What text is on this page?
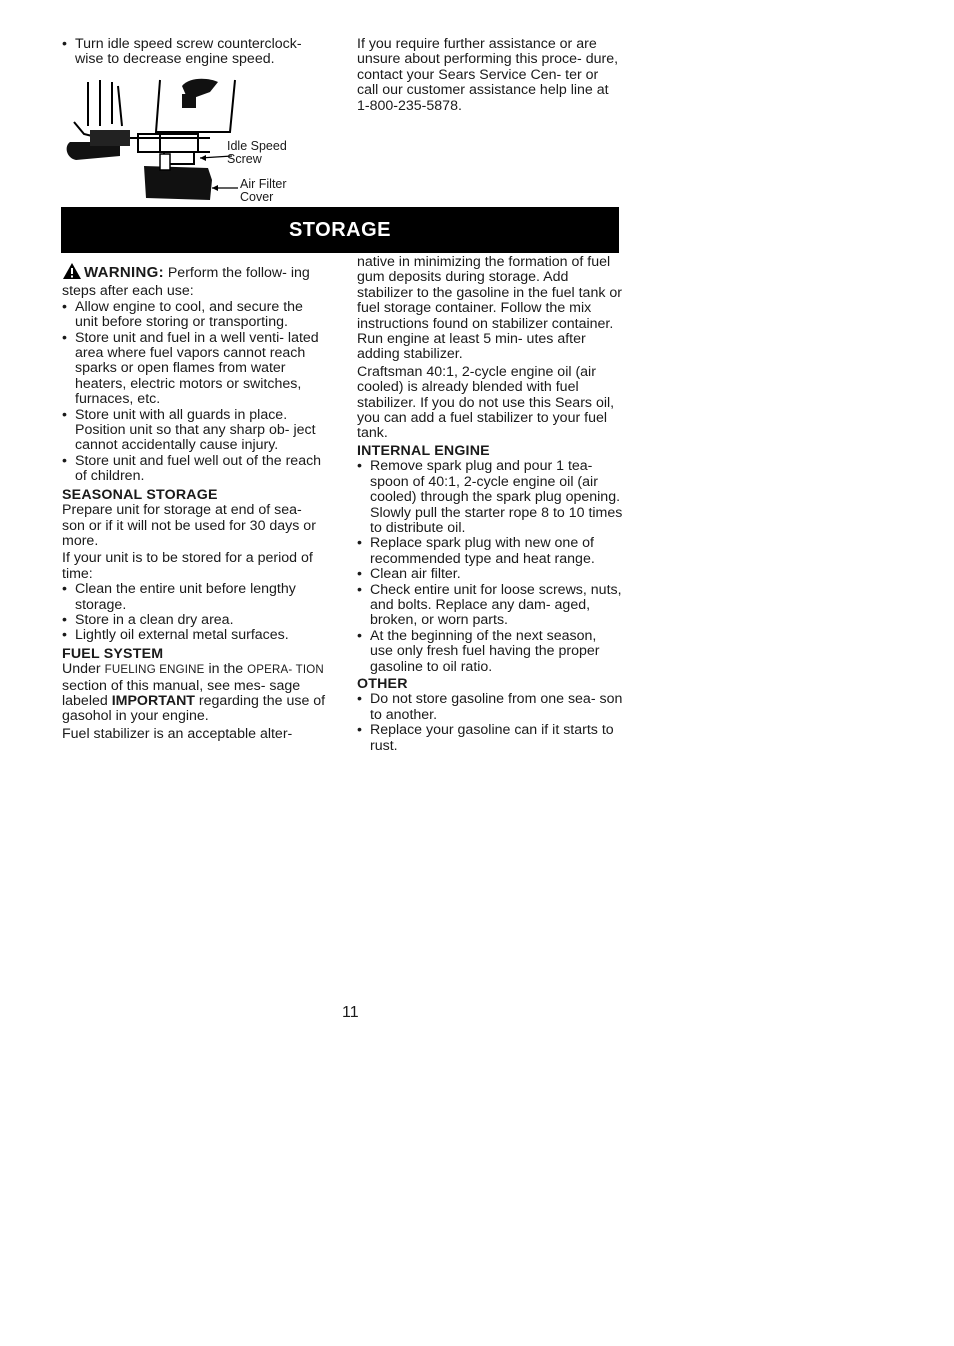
• Turn idle speed screw counterclock- wise to decrease engine speed.
Idle Speed Screw
Air Filter Cover

If you require further assistance or are unsure about performing this proce- dure, contact your Sears Service Cen- ter or call our customer assistance help line at 1-800-235-5878.

STORAGE

WARNING: Perform the follow- ing steps after each use:

• Allow engine to cool, and secure the unit before storing or transporting.
• Store unit and fuel in a well venti- lated area where fuel vapors cannot reach sparks or open flames from water heaters, electric motors or switches, furnaces, etc.
• Store unit with all guards in place. Position unit so that any sharp ob- ject cannot accidentally cause injury.
• Store unit and fuel well out of the reach of children.

SEASONAL STORAGE

Prepare unit for storage at end of sea- son or if it will not be used for 30 days or more.

If your unit is to be stored for a period of time:

• Clean the entire unit before lengthy storage.
• Store in a clean dry area.
• Lightly oil external metal surfaces.

FUEL SYSTEM

Under FUELING ENGINE in the OPERA- TION section of this manual, see mes- sage labeled IMPORTANT regarding the use of gasohol in your engine.

Fuel stabilizer is an acceptable alter-

native in minimizing the formation of fuel gum deposits during storage. Add stabilizer to the gasoline in the fuel tank or fuel storage container. Follow the mix instructions found on stabilizer container. Run engine at least 5 min- utes after adding stabilizer.

Craftsman 40:1, 2-cycle engine oil (air cooled) is already blended with fuel stabilizer. If you do not use this Sears oil, you can add a fuel stabilizer to your fuel tank.

INTERNAL ENGINE

• Remove spark plug and pour 1 tea- spoon of 40:1, 2-cycle engine oil (air cooled) through the spark plug opening. Slowly pull the starter rope 8 to 10 times to distribute oil.
• Replace spark plug with new one of recommended type and heat range.
• Clean air filter.
• Check entire unit for loose screws, nuts, and bolts. Replace any dam- aged, broken, or worn parts.
• At the beginning of the next season, use only fresh fuel having the proper gasoline to oil ratio.

OTHER

• Do not store gasoline from one sea- son to another.
• Replace your gasoline can if it starts to rust.
11
